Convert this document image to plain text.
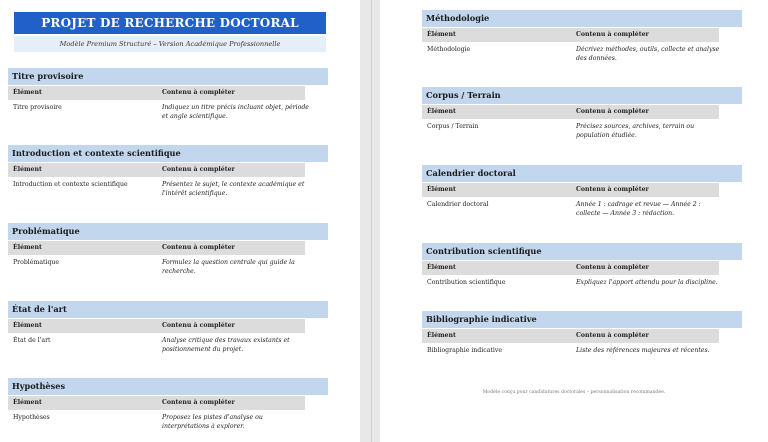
PROJET DE RECHERCHE DOCTORAL
Modèle Premium Structuré – Version Académique Professionnelle
Titre provisoire
Élément	Contenu à compléter
Titre provisoire	Indiquez un titre précis incluant objet, période
et angle scientifique.
Introduction et contexte scientifique
Élément	Contenu à compléter
Introduction et contexte scientifique	Présentez le sujet, le contexte académique et
l'intérêt scientifique.
Problématique
Élément	Contenu à compléter
Problématique	Formulez la question centrale qui guide la
recherche.
État de l'art
Élément	Contenu à compléter
État de l'art	Analyse critique des travaux existants et
positionnement du projet.
Hypothèses
Élément	Contenu à compléter
Hypothèses	Proposez les pistes d'analyse ou
interprétations à explorer.
Méthodologie
Élément	Contenu à compléter
Méthodologie	Décrivez méthodes, outils, collecte et analyse
des données.
Corpus / Terrain
Élément	Contenu à compléter
Corpus / Terrain	Précisez sources, archives, terrain ou
population étudiée.
Calendrier doctoral
Élément	Contenu à compléter
Calendrier doctoral	Année 1 : cadrage et revue — Année 2 :
collecte — Année 3 : rédaction.
Contribution scientifique
Élément	Contenu à compléter
Contribution scientifique	Expliquez l'apport attendu pour la discipline.
Bibliographie indicative
Élément	Contenu à compléter
Bibliographie indicative	Liste des références majeures et récentes.
Modèle conçu pour candidatures doctorales – personnalisation recommandée.
